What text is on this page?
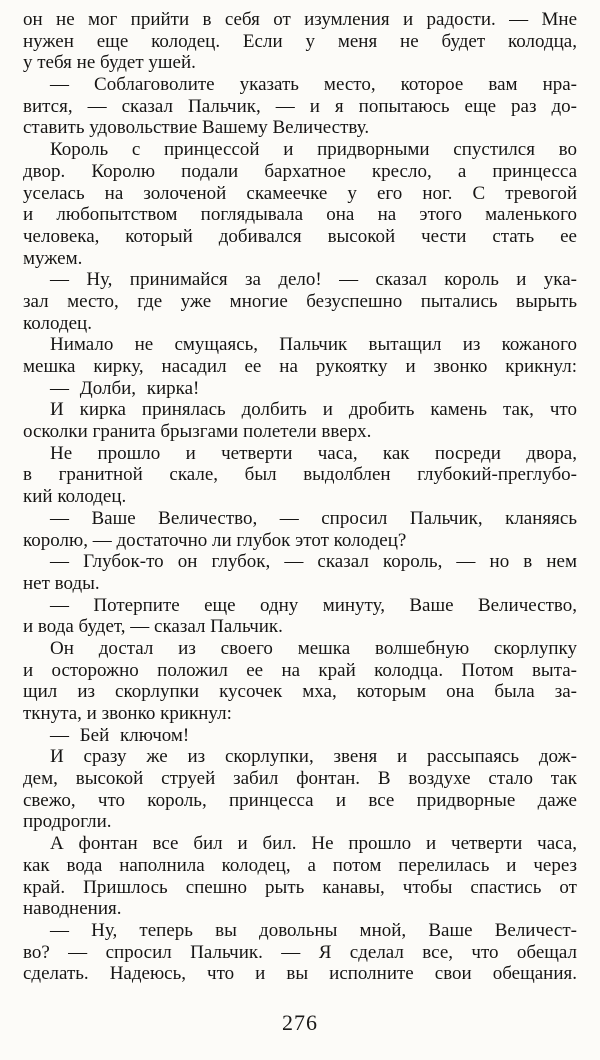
он не мог прийти в себя от изумления и радости. — Мне
нужен еще колодец. Если у меня не будет колодца,
у тебя не будет ушей.
— Соблаговолите указать место, которое вам нра-
вится, — сказал Пальчик, — и я попытаюсь еще раз до-
ставить удовольствие Вашему Величеству.
Король с принцессой и придворными спустился во
двор. Королю подали бархатное кресло, а принцесса
уселась на золоченой скамеечке у его ног. С тревогой
и любопытством поглядывала она на этого маленького
человека, который добивался высокой чести стать ее
мужем.
— Ну, принимайся за дело! — сказал король и ука-
зал место, где уже многие безуспешно пытались вырыть
колодец.
Нимало не смущаясь, Пальчик вытащил из кожаного
мешка кирку, насадил ее на рукоятку и звонко крикнул:
— Долби, кирка!
И кирка принялась долбить и дробить камень так, что
осколки гранита брызгами полетели вверх.
Не прошло и четверти часа, как посреди двора,
в гранитной скале, был выдолблен глубокий-преглубо-
кий колодец.
— Ваше Величество, — спросил Пальчик, кланяясь
королю, — достаточно ли глубок этот колодец?
— Глубок-то он глубок, — сказал король, — но в нем
нет воды.
— Потерпите еще одну минуту, Ваше Величество,
и вода будет, — сказал Пальчик.
Он достал из своего мешка волшебную скорлупку
и осторожно положил ее на край колодца. Потом выта-
щил из скорлупки кусочек мха, которым она была за-
ткнута, и звонко крикнул:
— Бей ключом!
И сразу же из скорлупки, звеня и рассыпаясь дож-
дем, высокой струей забил фонтан. В воздухе стало так
свежо, что король, принцесса и все придворные даже
продрогли.
А фонтан все бил и бил. Не прошло и четверти часа,
как вода наполнила колодец, а потом перелилась и через
край. Пришлось спешно рыть канавы, чтобы спастись от
наводнения.
— Ну, теперь вы довольны мной, Ваше Величест-
во? — спросил Пальчик. — Я сделал все, что обещал
сделать. Надеюсь, что и вы исполните свои обещания.
276
